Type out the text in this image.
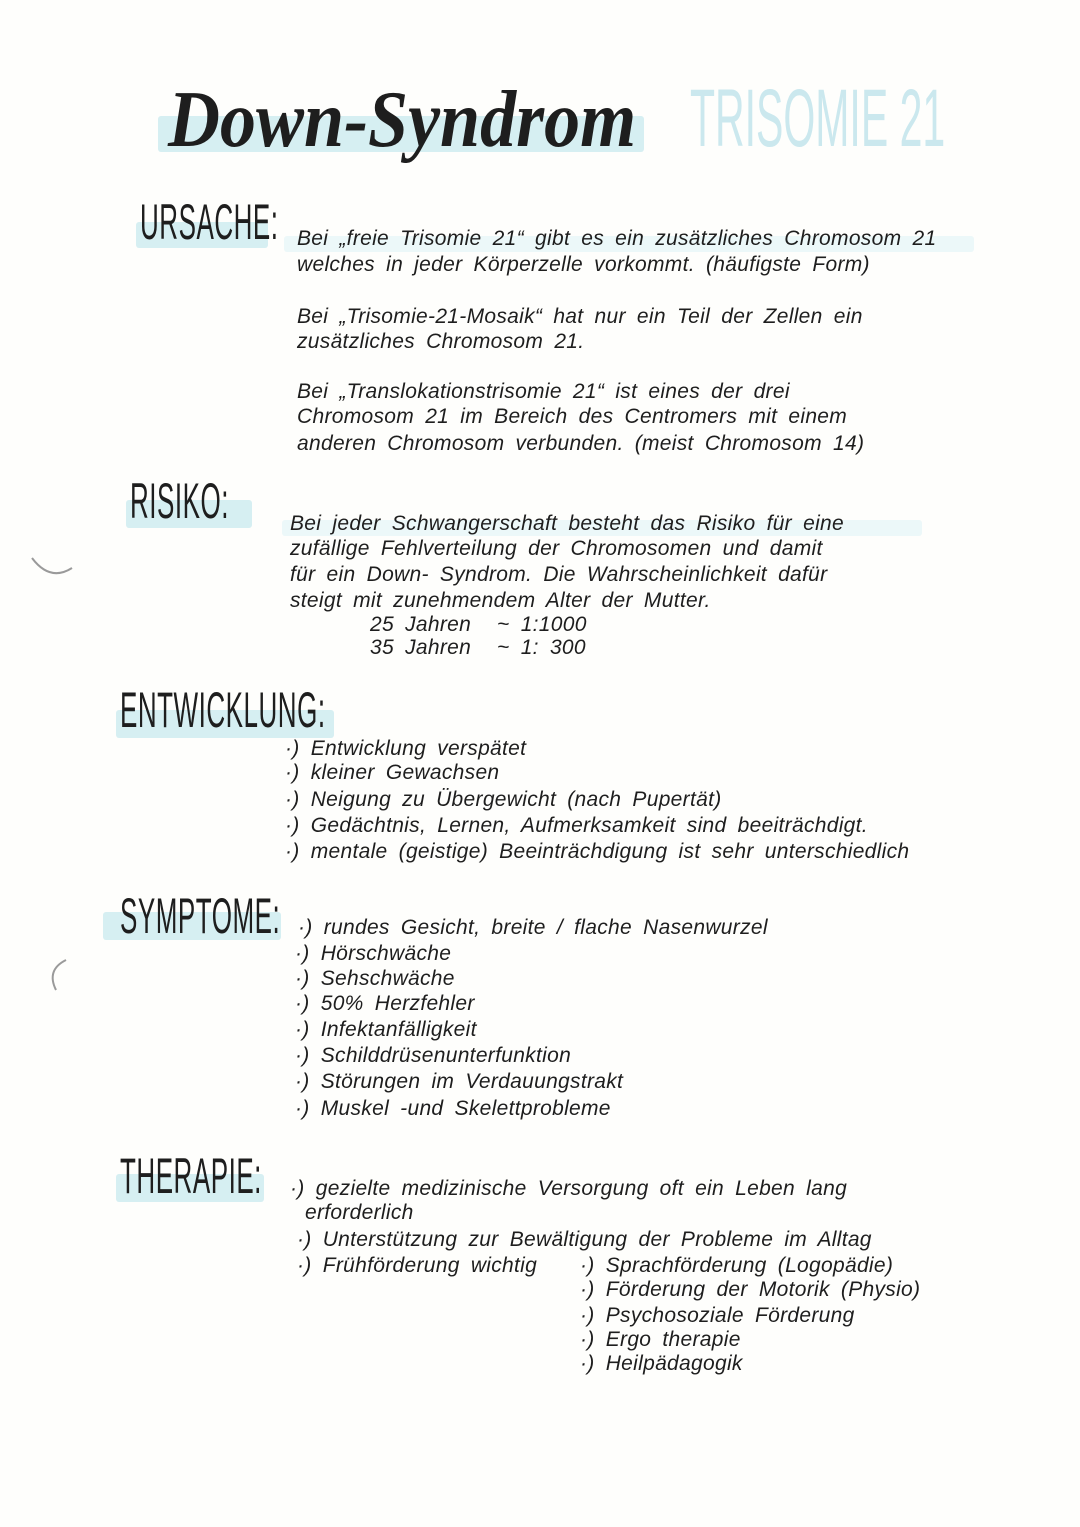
Down-Syndrom TRISOMIE 21
URSACHE: Bei „freie Trisomie 21“ gibt es ein zusätzliches Chromosom 21
welches in jeder Körperzelle vorkommt. (häufigste Form)
Bei „Trisomie-21-Mosaik“ hat nur ein Teil der Zellen ein
zusätzliches Chromosom 21.
Bei „Translokationstrisomie 21“ ist eines der drei
Chromosom 21 im Bereich des Centromers mit einem
anderen Chromosom verbunden. (meist Chromosom 14)
RISIKO:	Bei jeder Schwangerschaft besteht das Risiko für eine
zufällige Fehlverteilung der Chromosomen und damit
für ein Down- Syndrom. Die Wahrscheinlichkeit dafür
steigt mit zunehmendem Alter der Mutter.
25 Jahren ~ 1:1000
35 Jahren ~ 1: 300
ENTWICKLUNG:
·) Entwicklung verspätet
·) kleiner Gewachsen
·) Neigung zu Übergewicht (nach Pupertät)
·) Gedächtnis, Lernen, Aufmerksamkeit sind beeiträchdigt.
·) mentale (geistige) Beeinträchdigung ist sehr unterschiedlich
SYMPTOME: ·) rundes Gesicht, breite / flache Nasenwurzel
·) Hörschwäche
·) Sehschwäche
·) 50% Herzfehler
·) Infektanfälligkeit
·) Schilddrüsenunterfunktion
·) Störungen im Verdauungstrakt
·) Muskel -und Skelettprobleme
THERAPIE: ·) gezielte medizinische Versorgung oft ein Leben lang
erforderlich
·) Unterstützung zur Bewältigung der Probleme im Alltag
·) Frühförderung wichtig ·) Sprachförderung (Logopädie)
·) Förderung der Motorik (Physio)
·) Psychosoziale Förderung
·) Ergo therapie
·) Heilpädagogik
